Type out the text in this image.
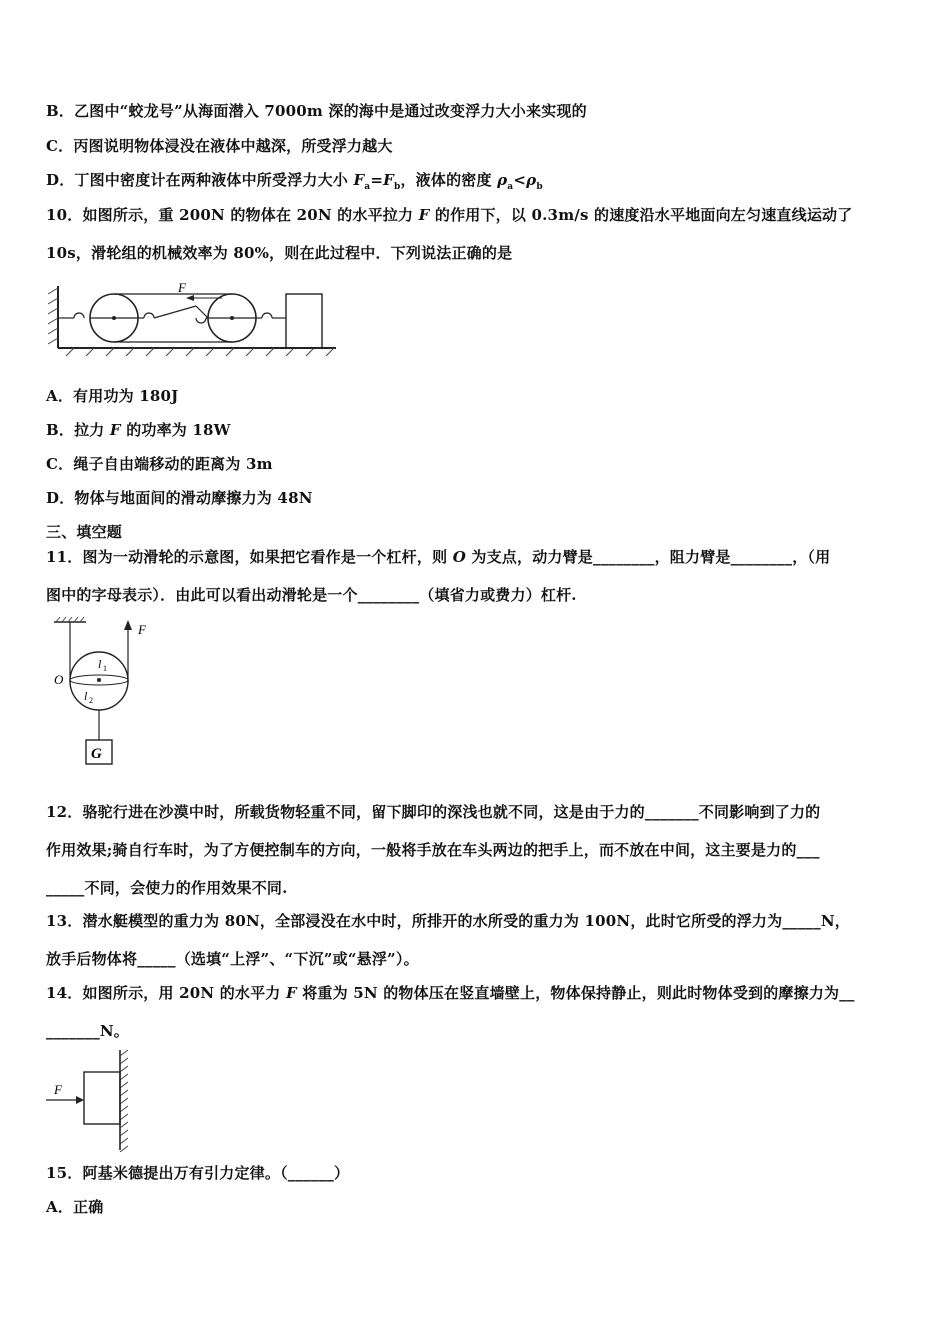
B．乙图中“蛟龙号”从海面潜入 7000m 深的海中是通过改变浮力大小来实现的
C．丙图说明物体浸没在液体中越深，所受浮力越大
D．丁图中密度计在两种液体中所受浮力大小 $F_a=F_b$，液体的密度 $\rho_a<\rho_b$
10．如图所示，重 200N 的物体在 20N 的水平拉力 F 的作用下，以 0.3m/s 的速度沿水平地面向左匀速直线运动了
10s，滑轮组的机械效率为 80%，则在此过程中．下列说法正确的是
F
A．有用功为 180J
B．拉力 F 的功率为 18W
C．绳子自由端移动的距离为 3m
D．物体与地面间的滑动摩擦力为 48N
三、填空题
11．图为一动滑轮的示意图，如果把它看作是一个杠杆，则 O 为支点，动力臂是________，阻力臂是________，（用
图中的字母表示）．由此可以看出动滑轮是一个________（填省力或费力）杠杆.
F
O
l 1
l 2
G
12．骆驼行进在沙漠中时，所载货物轻重不同，留下脚印的深浅也就不同，这是由于力的_______不同影响到了力的
作用效果;骑自行车时，为了方便控制车的方向，一般将手放在车头两边的把手上，而不放在中间，这主要是力的___
_____不同，会使力的作用效果不同.
13．潜水艇模型的重力为 80N，全部浸没在水中时，所排开的水所受的重力为 100N，此时它所受的浮力为_____N，
放手后物体将_____（选填“上浮”、“下沉”或“悬浮”）。
14．如图所示，用 20N 的水平力 F 将重为 5N 的物体压在竖直墙壁上，物体保持静止，则此时物体受到的摩擦力为__
_______N。
F
15．阿基米德提出万有引力定律。（______）
A．正确
